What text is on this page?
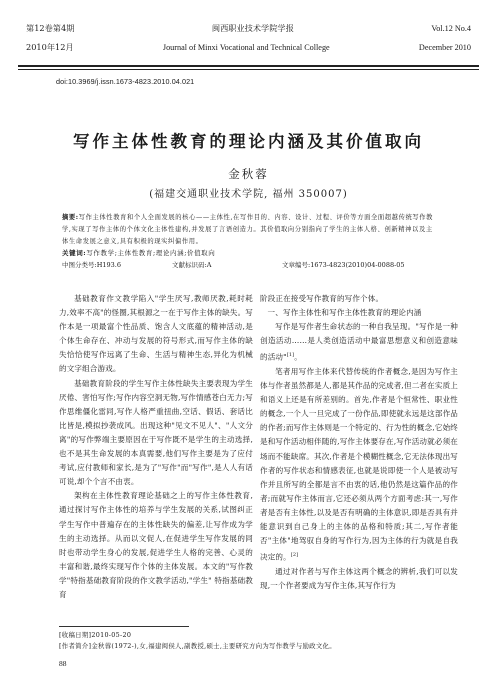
第12卷第4期	闽西职业技术学院学报	Vol.12 No.4
2010年12月	Journal of Minxi Vocational and Technical College	December 2010
doi:10.3969/j.issn.1673-4823.2010.04.021
写作主体性教育的理论内涵及其价值取向
金秋蓉
(福建交通职业技术学院, 福州 350007)
摘要:写作主体性教育和个人全面发展的核心——主体性,在写作目的、内容、设计、过程、评价等方面全面超越传统写作教学,实现了写作主体的个体文化主体性建构,并发展了言语创造力。其价值取向分别指向了学生的主体人格、创新精神以及主体生命发展之意义,具有积极的现实纠偏作用。
关键词:写作教学;主体性教育;理论内涵;价值取向
中图分类号:H193.6	文献标识码:A	文章编号:1673-4823(2010)04-0088-05

基础教育作文教学陷入"学生厌写,教师厌教,耗时耗力,效率不高"的怪圈,其根源之一在于写作主体的缺失。写作本是一项最富个性品质、饱含人文底蕴的精神活动,是个体生命存在、冲动与发展的符号形式,而写作主体的缺失恰恰使写作远离了生命、生活与精神生态,异化为机械的文字组合游戏。

基础教育阶段的学生写作主体性缺失主要表现为学生厌倦、害怕写作;写作内容空洞无物,写作情感苍白无力;写作思维僵化雷同,写作人格严重扭曲,空话、假话、套话比比皆是,模拟抄袭成风。出现这种"见文不见人"、"人文分离"的写作弊端主要原因在于写作既不是学生的主动选择,也不是其生命发展的本真需要,他们写作主要是为了应付考试,应付教师和家长,是为了"写作"而"写作",是人人有话可说,却个个言不由衷。

架构在主体性教育理论基础之上的写作主体性教育,通过探讨写作主体性的培养与学生发展的关系,试图纠正学生写作中普遍存在的主体性缺失的偏差,让写作成为学生的主动选择。从而以文促人,在促进学生写作发展的同时也带动学生身心的发展,促进学生人格的完善、心灵的丰富和谐,最终实现写作个体的主体发展。本文的"写作教学"特指基础教育阶段的作文教学活动,"学生" 特指基础教育

阶段正在接受写作教育的写作个体。

一、写作主体性和写作主体性教育的理论内涵

写作是写作者生命状态的一种自我呈现。"写作是一种创造活动……是人类创造活动中最富思想意义和创造意味的活动"[1]。

笔者用写作主体来代替传统的作者概念,是因为写作主体与作者虽然都是人,都是其作品的完成者,但二者在实质上和语义上还是有所差别的。首先,作者是个恒常性、职业性的概念,一个人一旦完成了一份作品,即使就永远是这部作品的作者;而写作主体则是一个特定的、行为性的概念,它始终是和写作活动相伴随的,写作主体要存在,写作活动就必须在场而不能缺席。其次,作者是个模糊性概念,它无法体现出写作者的写作状态和情感表征,也就是说即使一个人是被动写作并且所写的全都是言不由衷的话,他仍然是这篇作品的作者;而就写作主体而言,它还必须从两个方面考虑:其一,写作者是否有主体性,以及是否有明确的主体意识,即是否具有并能意识到自己身上的主体的品格和特质;其二,写作者能否"主体"地驾驭自身的写作行为,因为主体的行为就是自我决定的。[2]

通过对作者与写作主体这两个概念的辨析,我们可以发现,一个作者要成为写作主体,其写作行为

[收稿日期]2010-05-20
[作者简介]金秋蓉(1972-),女,福建闽侯人,副教授,硕士,主要研究方向为写作教学与励政文化。
88
